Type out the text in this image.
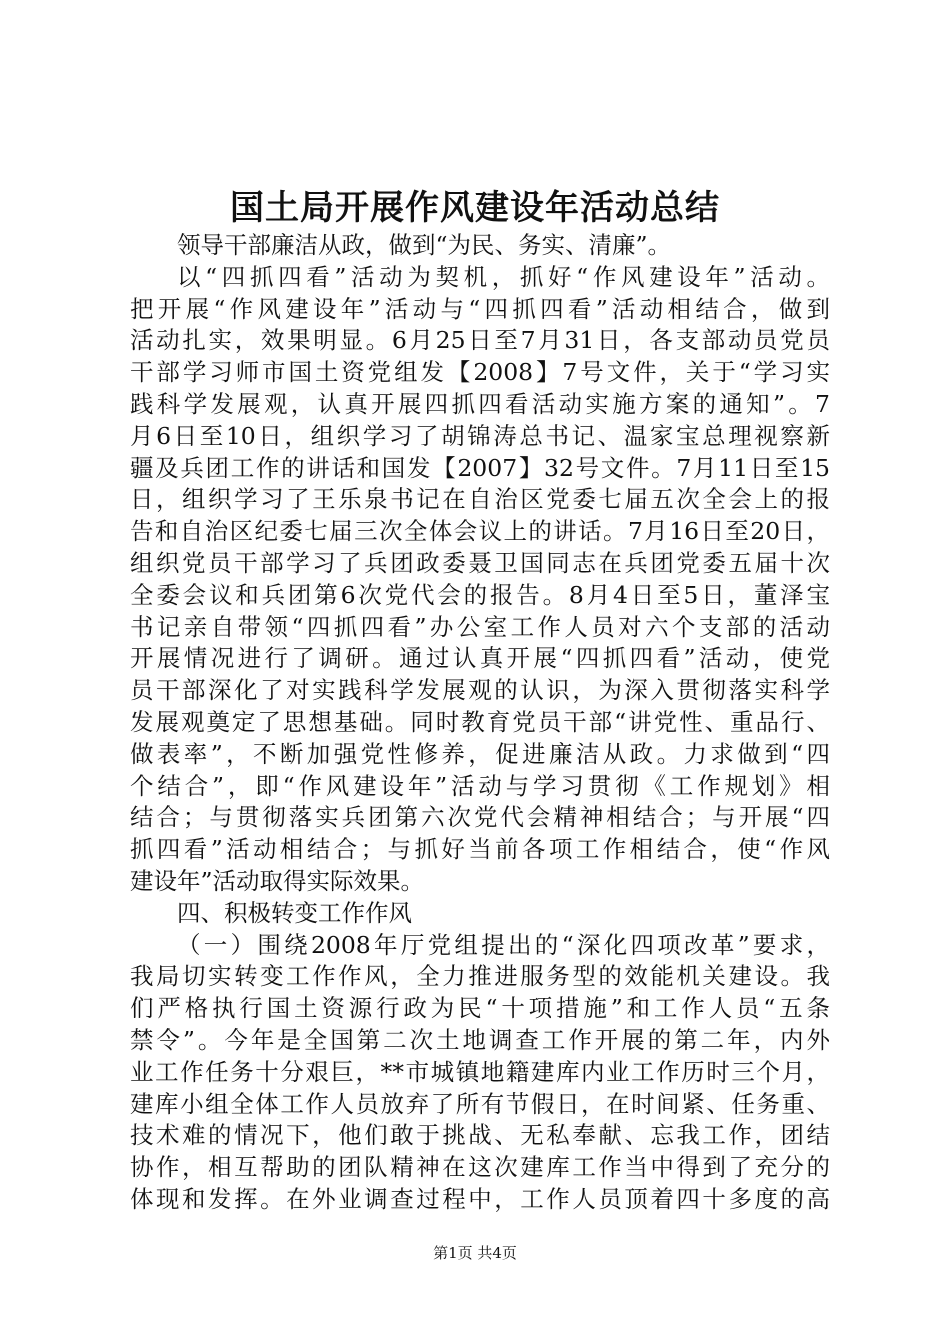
国土局开展作风建设年活动总结
领导干部廉洁从政，做到“为民、务实、清廉”。
以“四抓四看”活动为契机，抓好“作风建设年”活动。
把开展“作风建设年”活动与“四抓四看”活动相结合，做到
活动扎实，效果明显。6月25日至7月31日，各支部动员党员
干部学习师市国土资党组发【2008】7号文件，关于“学习实
践科学发展观，认真开展四抓四看活动实施方案的通知”。7
月6日至10日，组织学习了胡锦涛总书记、温家宝总理视察新
疆及兵团工作的讲话和国发【2007】32号文件。7月11日至15
日，组织学习了王乐泉书记在自治区党委七届五次全会上的报
告和自治区纪委七届三次全体会议上的讲话。7月16日至20日，
组织党员干部学习了兵团政委聂卫国同志在兵团党委五届十次
全委会议和兵团第6次党代会的报告。8月4日至5日，董泽宝
书记亲自带领“四抓四看”办公室工作人员对六个支部的活动
开展情况进行了调研。通过认真开展“四抓四看”活动，使党
员干部深化了对实践科学发展观的认识，为深入贯彻落实科学
发展观奠定了思想基础。同时教育党员干部“讲党性、重品行、
做表率”，不断加强党性修养，促进廉洁从政。力求做到“四
个结合”，即“作风建设年”活动与学习贯彻《工作规划》相
结合；与贯彻落实兵团第六次党代会精神相结合；与开展“四
抓四看”活动相结合；与抓好当前各项工作相结合，使“作风
建设年”活动取得实际效果。
四、积极转变工作作风
（一）围绕2008年厅党组提出的“深化四项改革”要求，
我局切实转变工作作风，全力推进服务型的效能机关建设。我
们严格执行国土资源行政为民“十项措施”和工作人员“五条
禁令”。今年是全国第二次土地调查工作开展的第二年，内外
业工作任务十分艰巨，**市城镇地籍建库内业工作历时三个月，
建库小组全体工作人员放弃了所有节假日，在时间紧、任务重、
技术难的情况下，他们敢于挑战、无私奉献、忘我工作，团结
协作，相互帮助的团队精神在这次建库工作当中得到了充分的
体现和发挥。在外业调查过程中，工作人员顶着四十多度的高
第1页 共4页
